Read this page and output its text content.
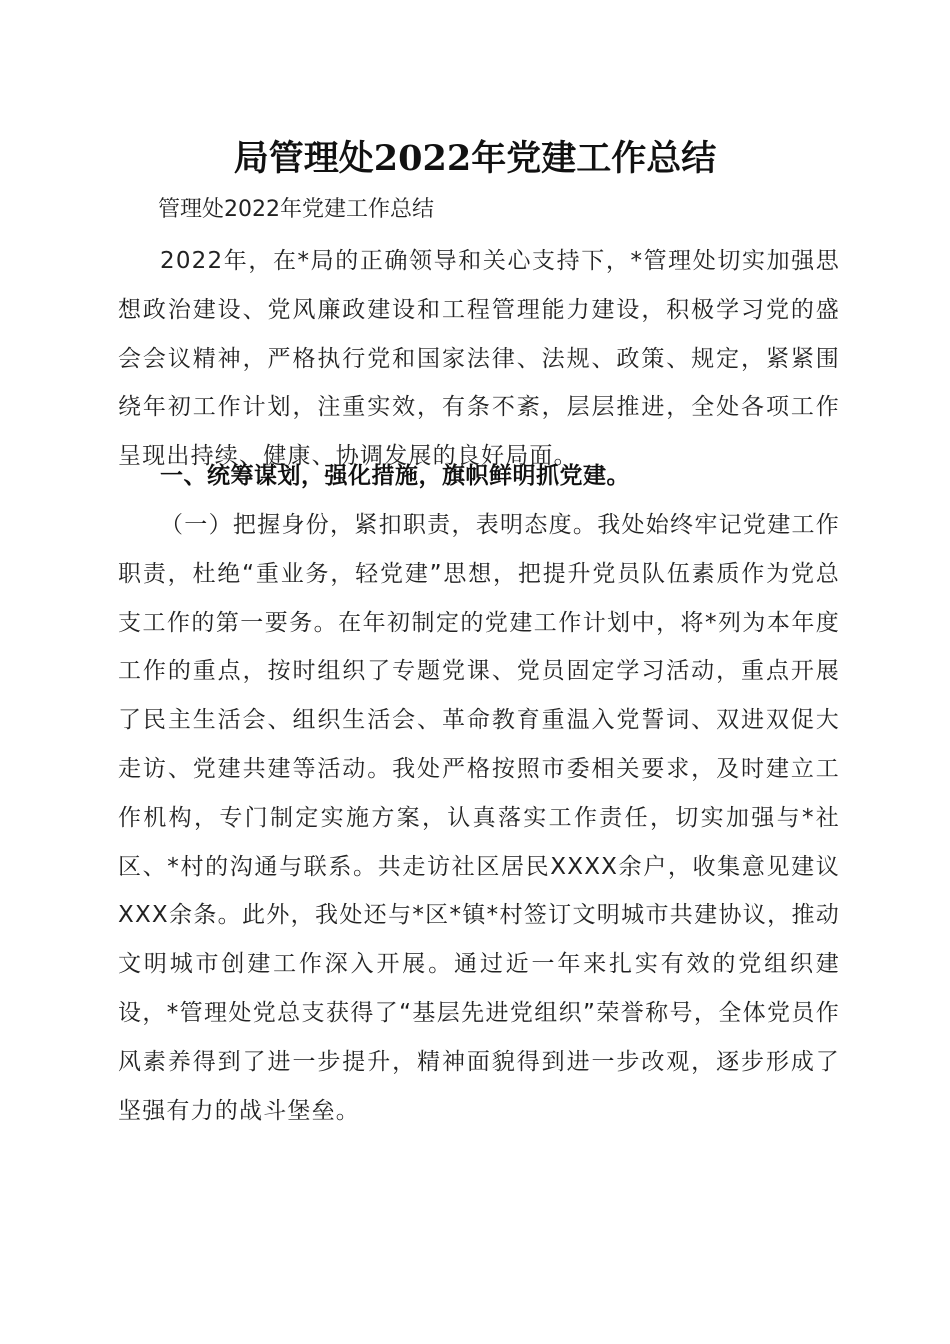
局管理处2022年党建工作总结

管理处2022年党建工作总结

2022年，在*局的正确领导和关心支持下，*管理处切实加强思想政治建设、党风廉政建设和工程管理能力建设，积极学习党的盛会会议精神，严格执行党和国家法律、法规、政策、规定，紧紧围绕年初工作计划，注重实效，有条不紊，层层推进，全处各项工作呈现出持续、健康、协调发展的良好局面。

一、统筹谋划，强化措施，旗帜鲜明抓党建。

（一）把握身份，紧扣职责，表明态度。我处始终牢记党建工作职责，杜绝“重业务，轻党建”思想，把提升党员队伍素质作为党总支工作的第一要务。在年初制定的党建工作计划中，将*列为本年度工作的重点，按时组织了专题党课、党员固定学习活动，重点开展了民主生活会、组织生活会、革命教育重温入党誓词、双进双促大走访、党建共建等活动。我处严格按照市委相关要求，及时建立工作机构，专门制定实施方案，认真落实工作责任，切实加强与*社区、*村的沟通与联系。共走访社区居民XXXX余户，收集意见建议XXX余条。此外，我处还与*区*镇*村签订文明城市共建协议，推动文明城市创建工作深入开展。通过近一年来扎实有效的党组织建设，*管理处党总支获得了“基层先进党组织”荣誉称号，全体党员作风素养得到了进一步提升，精神面貌得到进一步改观，逐步形成了坚强有力的战斗堡垒。
